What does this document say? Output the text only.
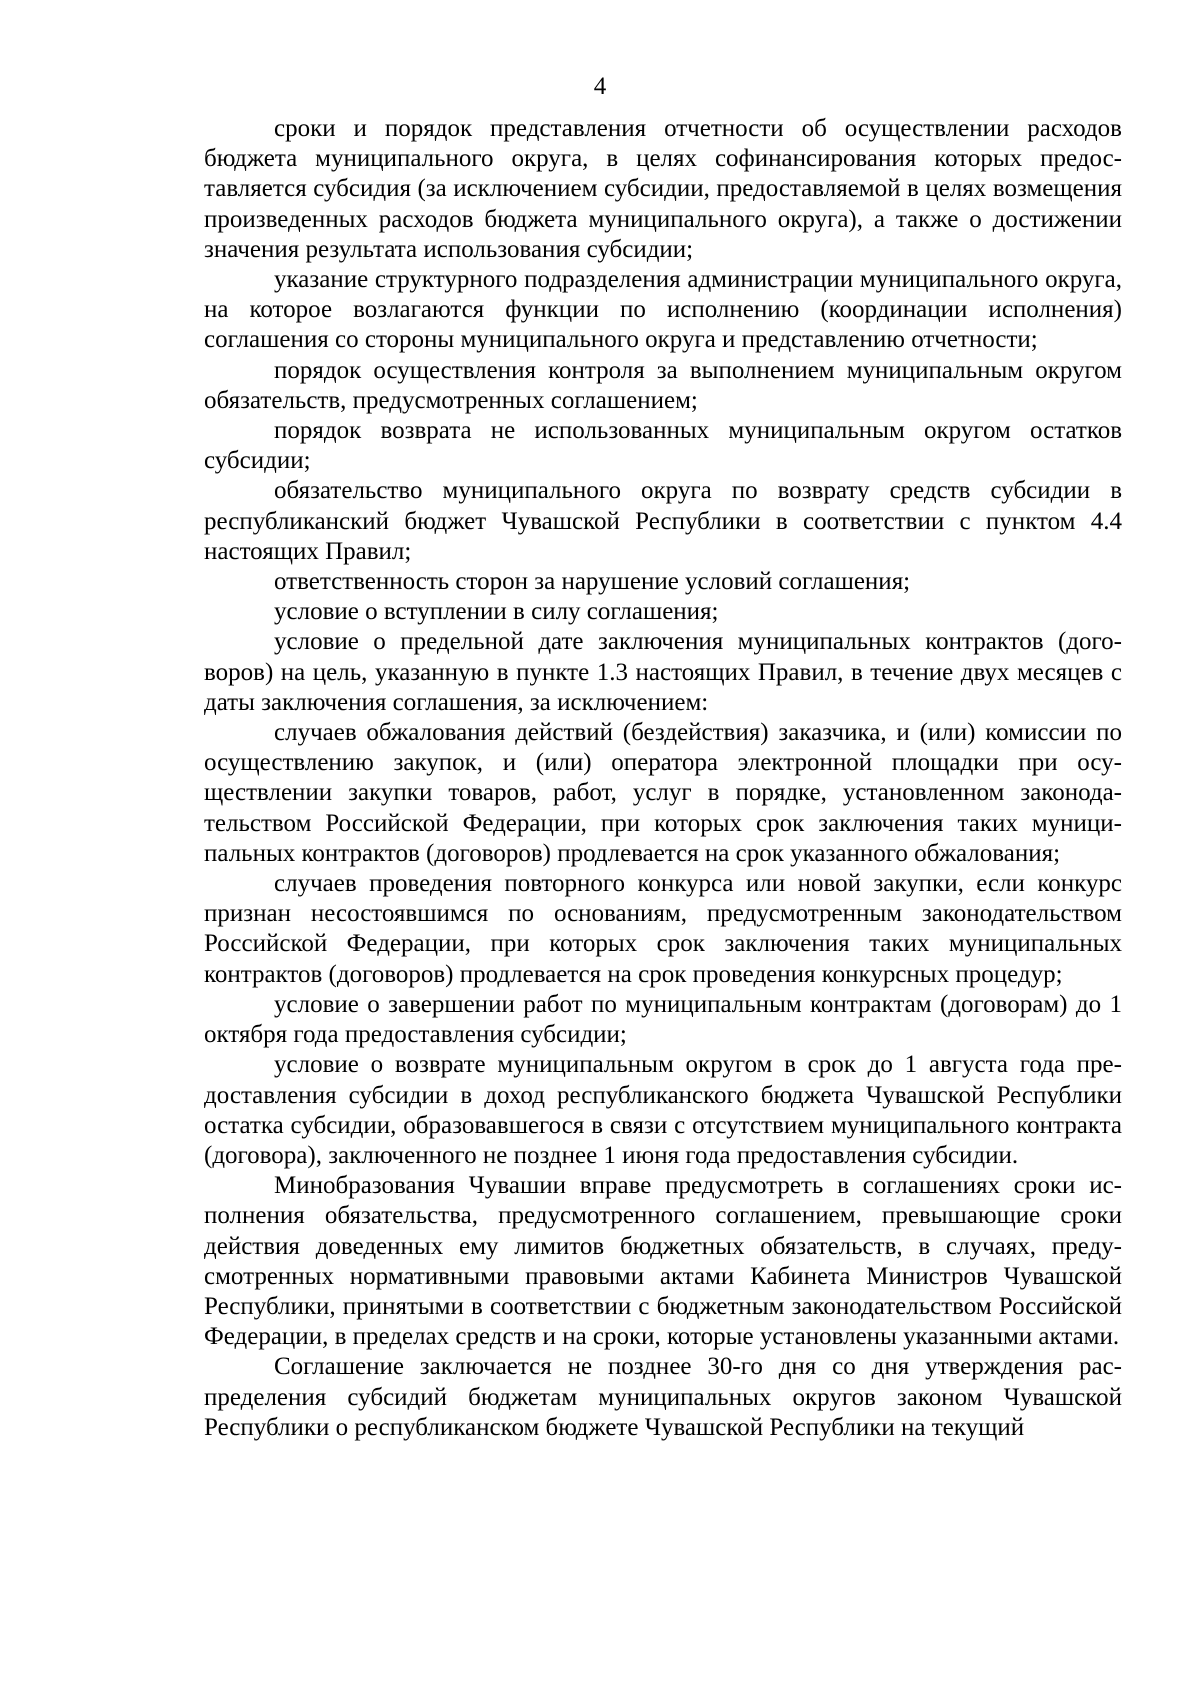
4

сроки и порядок представления отчетности об осуществлении расходов бюджета муниципального округа, в целях софинансирования которых предоставляется субсидия (за исключением субсидии, предоставляемой в целях возмещения произведенных расходов бюджета муниципального округа), а также о достижении значения результата использования субсидии;

указание структурного подразделения администрации муниципального округа, на которое возлагаются функции по исполнению (координации исполнения) соглашения со стороны муниципального округа и представлению отчетности;

порядок осуществления контроля за выполнением муниципальным округом обязательств, предусмотренных соглашением;

порядок возврата не использованных муниципальным округом остатков субсидии;

обязательство муниципального округа по возврату средств субсидии в республиканский бюджет Чувашской Республики в соответствии с пунктом 4.4 настоящих Правил;

ответственность сторон за нарушение условий соглашения;

условие о вступлении в силу соглашения;

условие о предельной дате заключения муниципальных контрактов (договоров) на цель, указанную в пункте 1.3 настоящих Правил, в течение двух месяцев с даты заключения соглашения, за исключением:

случаев обжалования действий (бездействия) заказчика, и (или) комиссии по осуществлению закупок, и (или) оператора электронной площадки при осуществлении закупки товаров, работ, услуг в порядке, установленном законодательством Российской Федерации, при которых срок заключения таких муниципальных контрактов (договоров) продлевается на срок указанного обжалования;

случаев проведения повторного конкурса или новой закупки, если конкурс признан несостоявшимся по основаниям, предусмотренным законодательством Российской Федерации, при которых срок заключения таких муниципальных контрактов (договоров) продлевается на срок проведения конкурсных процедур;

условие о завершении работ по муниципальным контрактам (договорам) до 1 октября года предоставления субсидии;

условие о возврате муниципальным округом в срок до 1 августа года предоставления субсидии в доход республиканского бюджета Чувашской Республики остатка субсидии, образовавшегося в связи с отсутствием муниципального контракта (договора), заключенного не позднее 1 июня года предоставления субсидии.

Минобразования Чувашии вправе предусмотреть в соглашениях сроки исполнения обязательства, предусмотренного соглашением, превышающие сроки действия доведенных ему лимитов бюджетных обязательств, в случаях, предусмотренных нормативными правовыми актами Кабинета Министров Чувашской Республики, принятыми в соответствии с бюджетным законодательством Российской Федерации, в пределах средств и на сроки, которые установлены указанными актами.

Соглашение заключается не позднее 30-го дня со дня утверждения распределения субсидий бюджетам муниципальных округов законом Чувашской Республики о республиканском бюджете Чувашской Республики на текущий
